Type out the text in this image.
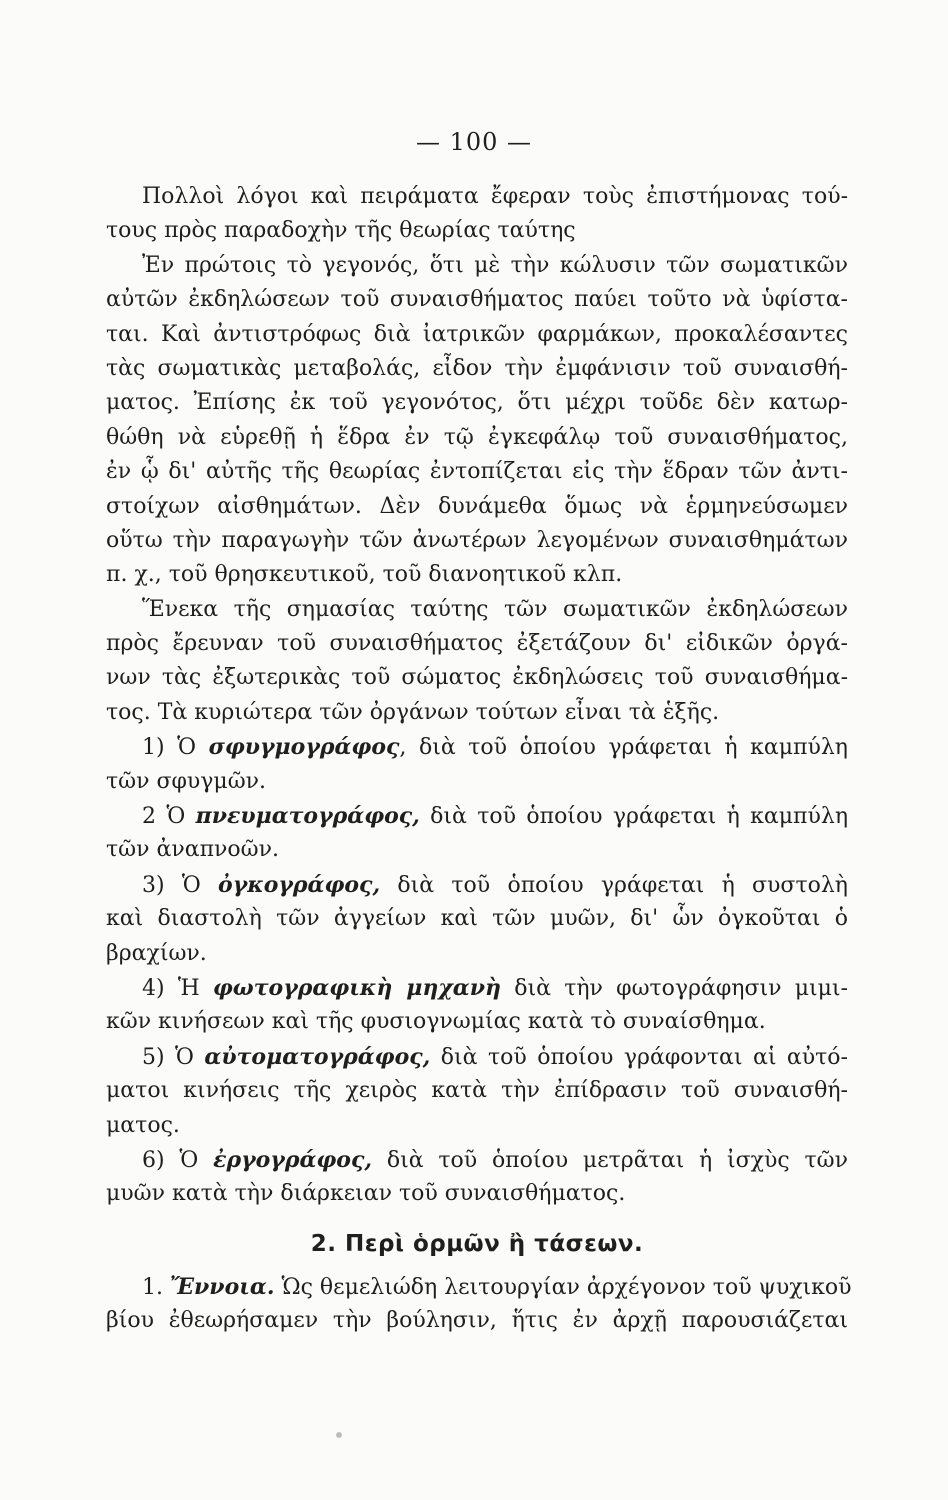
— 100 —
Πολλοὶ λόγοι καὶ πειράματα ἔφεραν τοὺς ἐπιστήμονας τού-
τους πρὸς παραδοχὴν τῆς θεωρίας ταύτης
Ἐν πρώτοις τὸ γεγονός, ὅτι μὲ τὴν κώλυσιν τῶν σωματικῶν
αὐτῶν ἐκδηλώσεων τοῦ συναισθήματος παύει τοῦτο νὰ ὑφίστα-
ται. Καὶ ἀντιστρόφως διὰ ἰατρικῶν φαρμάκων, προκαλέσαντες
τὰς σωματικὰς μεταβολάς, εἶδον τὴν ἐμφάνισιν τοῦ συναισθή-
ματος. Ἐπίσης ἐκ τοῦ γεγονότος, ὅτι μέχρι τοῦδε δὲν κατωρ-
θώθη νὰ εὑρεθῇ ἡ ἕδρα ἐν τῷ ἐγκεφάλῳ τοῦ συναισθήματος,
ἐν ᾧ δι' αὐτῆς τῆς θεωρίας ἐντοπίζεται εἰς τὴν ἕδραν τῶν ἀντι-
στοίχων αἰσθημάτων. Δὲν δυνάμεθα ὅμως νὰ ἑρμηνεύσωμεν
οὕτω τὴν παραγωγὴν τῶν ἀνωτέρων λεγομένων συναισθημάτων
π. χ., τοῦ θρησκευτικοῦ, τοῦ διανοητικοῦ κλπ.
Ἕνεκα τῆς σημασίας ταύτης τῶν σωματικῶν ἐκδηλώσεων
πρὸς ἔρευναν τοῦ συναισθήματος ἐξετάζουν δι' εἰδικῶν ὀργά-
νων τὰς ἐξωτερικὰς τοῦ σώματος ἐκδηλώσεις τοῦ συναισθήμα-
τος. Τὰ κυριώτερα τῶν ὀργάνων τούτων εἶναι τὰ ἑξῆς.
1) Ὁ σφυγμογράφος, διὰ τοῦ ὁποίου γράφεται ἡ καμπύλη
τῶν σφυγμῶν.
2 Ὁ πνευματογράφος, διὰ τοῦ ὁποίου γράφεται ἡ καμπύλη
τῶν ἀναπνοῶν.
3) Ὁ ὀγκογράφος, διὰ τοῦ ὁποίου γράφεται ἡ συστολὴ
καὶ διαστολὴ τῶν ἀγγείων καὶ τῶν μυῶν, δι' ὧν ὀγκοῦται ὁ
βραχίων.
4) Ἡ φωτογραφικὴ μηχανὴ διὰ τὴν φωτογράφησιν μιμι-
κῶν κινήσεων καὶ τῆς φυσιογνωμίας κατὰ τὸ συναίσθημα.
5) Ὁ αὐτοματογράφος, διὰ τοῦ ὁποίου γράφονται αἱ αὐτό-
ματοι κινήσεις τῆς χειρὸς κατὰ τὴν ἐπίδρασιν τοῦ συναισθή-
ματος.
6) Ὁ ἐργογράφος, διὰ τοῦ ὁποίου μετρᾶται ἡ ἰσχὺς τῶν
μυῶν κατὰ τὴν διάρκειαν τοῦ συναισθήματος.
2. Περὶ ὁρμῶν ἢ τάσεων.
1. Ἔννοια. Ὡς θεμελιώδη λειτουργίαν ἀρχέγονον τοῦ ψυχικοῦ
βίου ἐθεωρήσαμεν τὴν βούλησιν, ἥτις ἐν ἀρχῇ παρουσιάζεται
